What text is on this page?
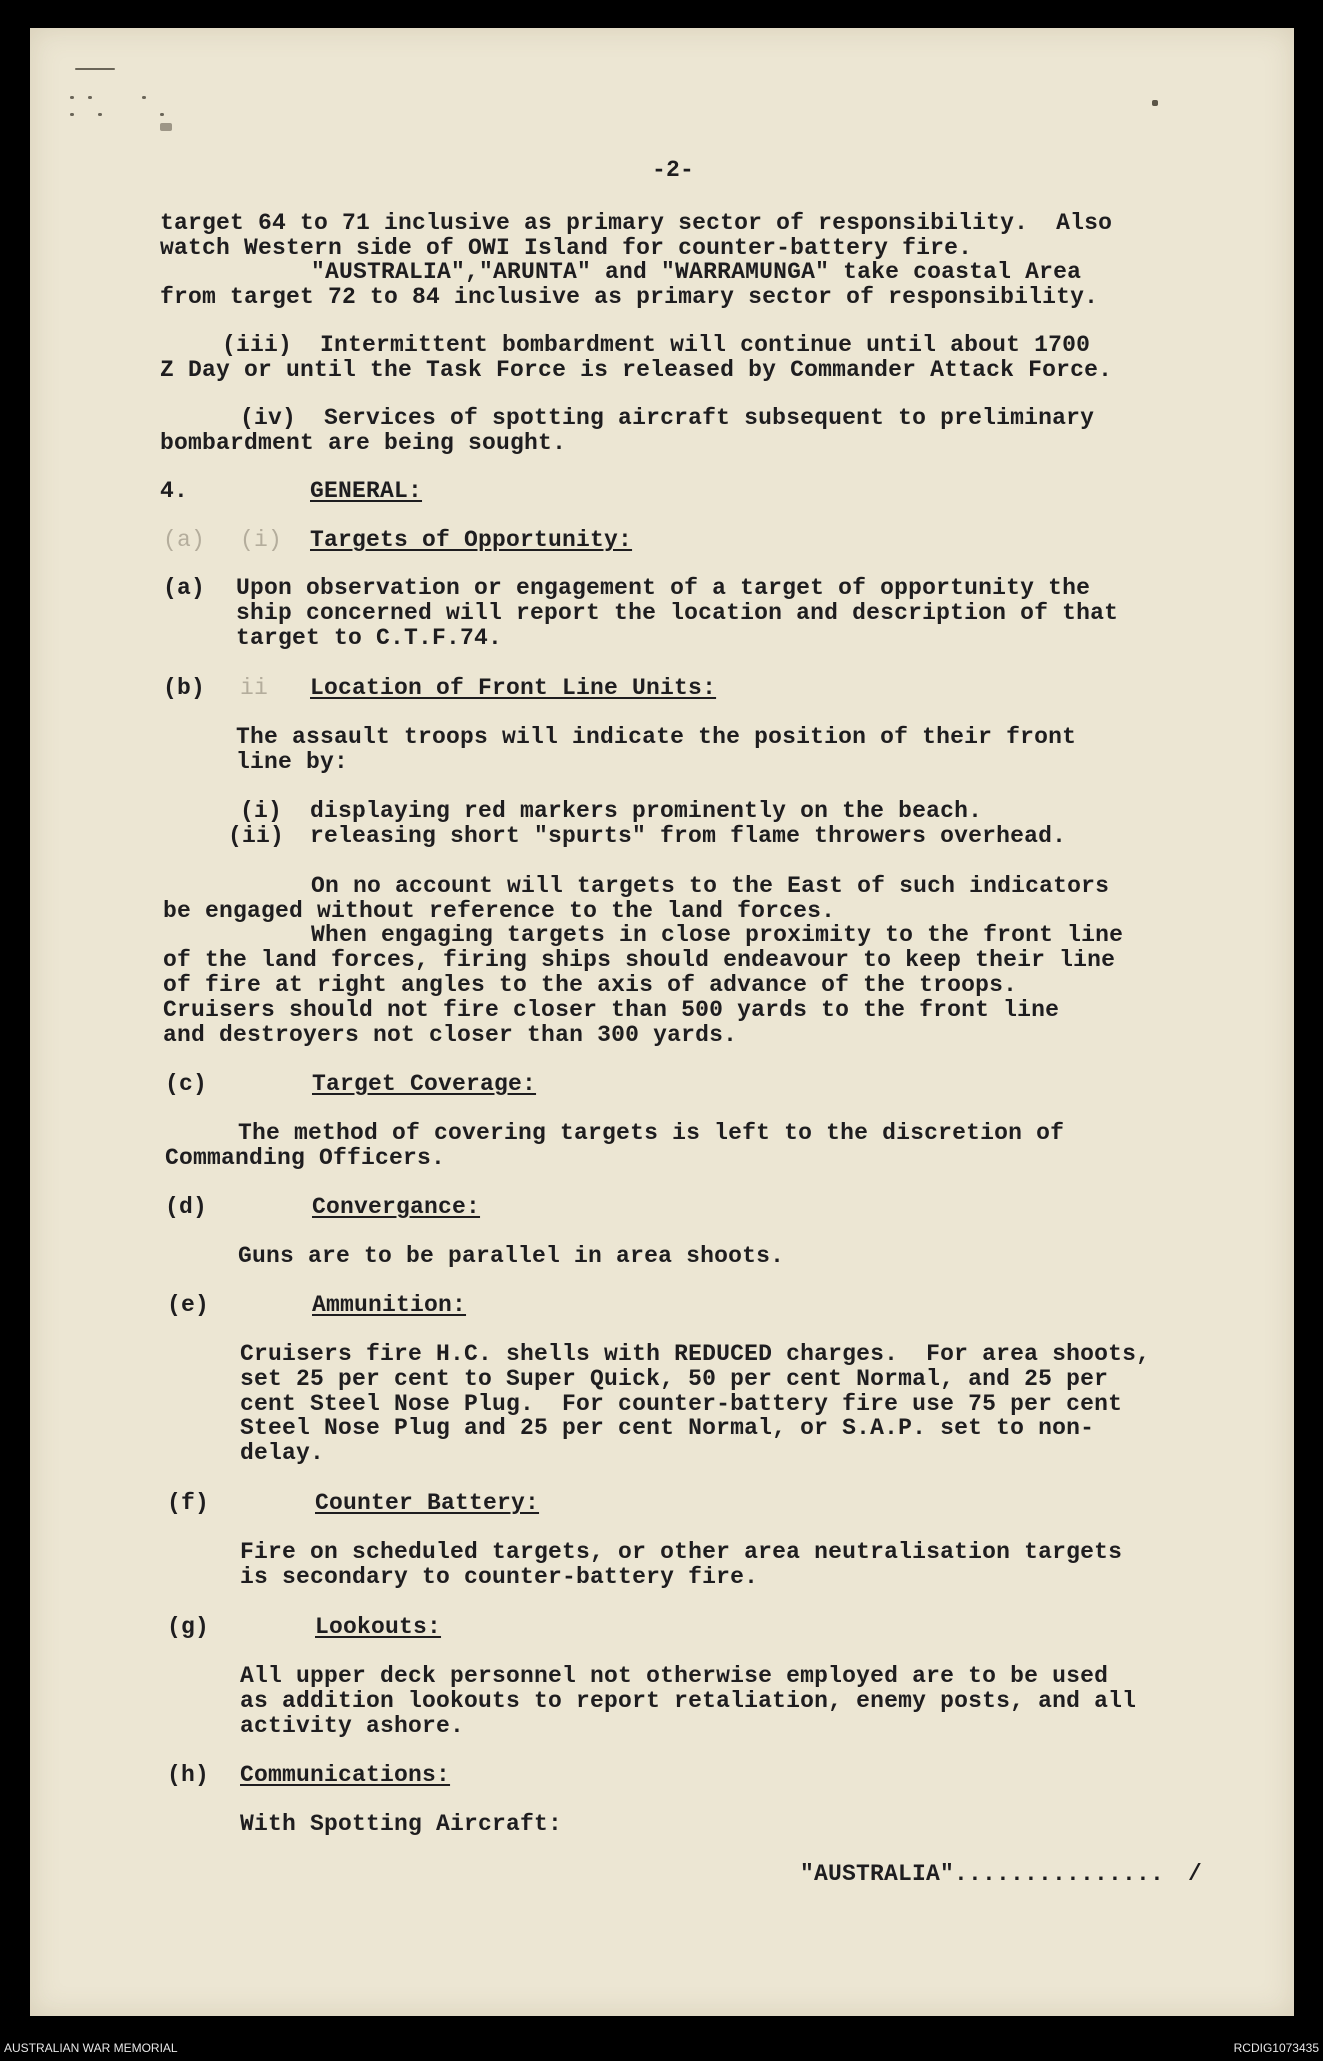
-2-
target 64 to 71 inclusive as primary sector of responsibility.  Also
watch Western side of OWI Island for counter-battery fire.
"AUSTRALIA","ARUNTA" and "WARRAMUNGA" take coastal Area
from target 72 to 84 inclusive as primary sector of responsibility.
(iii)  Intermittent bombardment will continue until about 1700
Z Day or until the Task Force is released by Commander Attack Force.
(iv)  Services of spotting aircraft subsequent to preliminary
bombardment are being sought.
4.	GENERAL:
(a) (i) Targets of Opportunity:
(a) Upon observation or engagement of a target of opportunity the
ship concerned will report the location and description of that
target to C.T.F.74.
(b) ii Location of Front Line Units:
The assault troops will indicate the position of their front
line by:
(i) displaying red markers prominently on the beach.
(ii) releasing short "spurts" from flame throwers overhead.
On no account will targets to the East of such indicators
be engaged without reference to the land forces.
When engaging targets in close proximity to the front line
of the land forces, firing ships should endeavour to keep their line
of fire at right angles to the axis of advance of the troops.
Cruisers should not fire closer than 500 yards to the front line
and destroyers not closer than 300 yards.
(c)	Target Coverage:
The method of covering targets is left to the discretion of
Commanding Officers.
(d)	Convergance:
Guns are to be parallel in area shoots.
(e)	Ammunition:
Cruisers fire H.C. shells with REDUCED charges.  For area shoots,
set 25 per cent to Super Quick, 50 per cent Normal, and 25 per
cent Steel Nose Plug.  For counter-battery fire use 75 per cent
Steel Nose Plug and 25 per cent Normal, or S.A.P. set to non-
delay.
(f)	Counter Battery:
Fire on scheduled targets, or other area neutralisation targets
is secondary to counter-battery fire.
(g)	Lookouts:
All upper deck personnel not otherwise employed are to be used
as addition lookouts to report retaliation, enemy posts, and all
activity ashore.
(h) Communications:
With Spotting Aircraft:
"AUSTRALIA"............... /
AUSTRALIAN WAR MEMORIAL	RCDIG1073435
